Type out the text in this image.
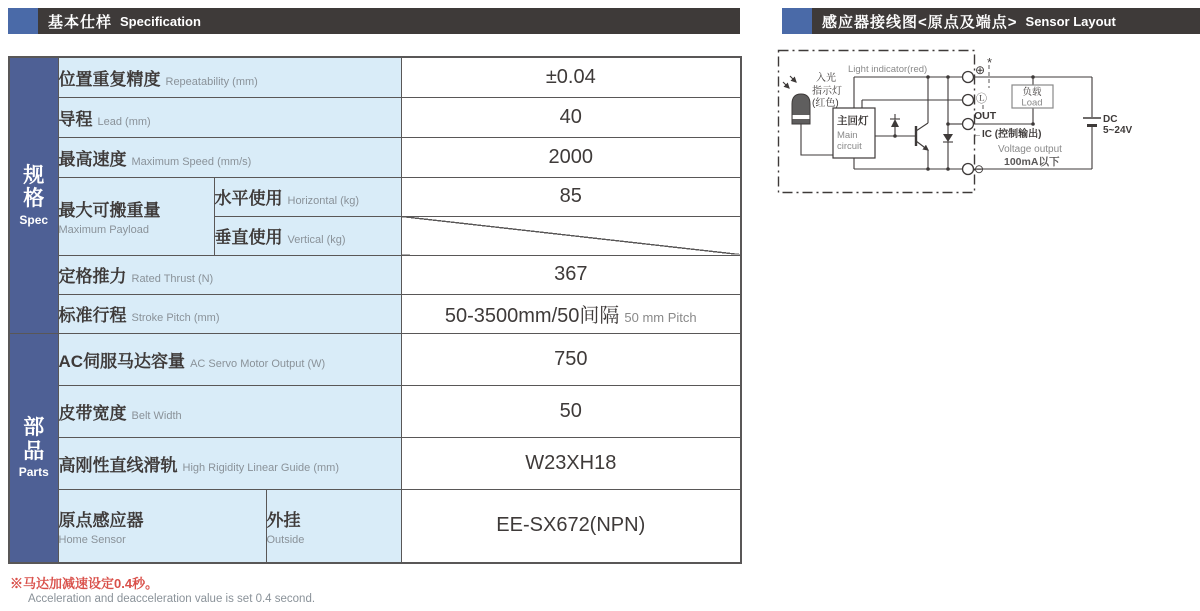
基本仕样 Specification	感应器接线图<原点及端点> Sensor Layout
规格
Spec

位置重复精度 Repeatability (mm)	±0.04

	导程 Lead (mm)			40

	最高速度 Maximum Speed (mm/s)			2000

	最大可搬重量
Maximum Payload	水平使用 Horizontal (kg)		85

		垂直使用 Vertical (kg)		

	定格推力 Rated Thrust (N)			367

	标准行程 Stroke Pitch (mm)			50-3500mm/50间隔 50 mm Pitch

部品
Parts

AC伺服马达容量 AC Servo Motor Output (W)	750

	皮带宽度 Belt Width			50

	高刚性直线滑轨 High Rigidity Linear Guide (mm)			W23XH18

	原点感应器
Home Sensor		外挂
Outside	EE-SX672(NPN)
※马达加减速设定0.4秒。
Acceleration and deacceleration value is set 0.4 second.
主回灯
Main
circuit
负载
Load
Light indicator(red)
入光
指示灯
(红色)
⊕ *
Ⓛ
OUT
←IC (控制输出)
Voltage output
100mA以下
⊖
DC
5~24V
